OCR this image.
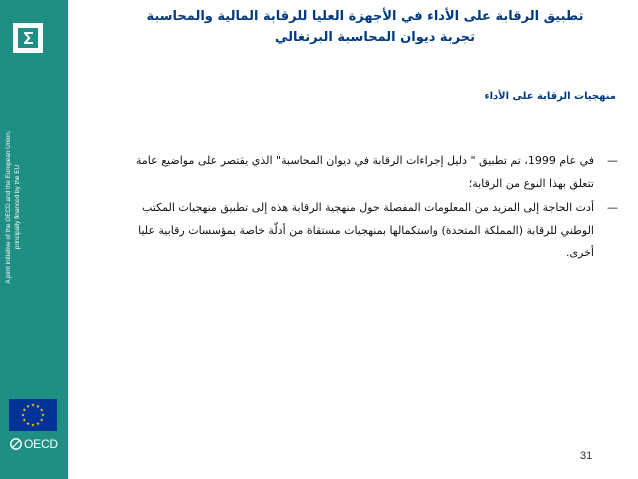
A joint initiative of the OECD and the European Union, principally financed by the EU
OECD
تطبيق الرقابة على الأداء في الأجهزة العليا للرقابة المالية والمحاسبة
تجربة ديوان المحاسبة البرتغالي
منهجيات الرقابة على الأداء
—
في عام 1999، تم تطبيق " دليل إجراءات الرقابة في ديوان المحاسبة" الذي يقتصر على مواضيع عامة تتعلق بهذا النوع من الرقابة؛
—
أدت الحاجة إلى المزيد من المعلومات المفصلة حول منهجية الرقابة هذه إلى تطبيق منهجيات المكتب الوطني للرقابة (المملكة المتحدة) واستكمالها بمنهجيات مستقاة من أدلّة خاصة بمؤسسات رقابية عليا أخرى.
31
